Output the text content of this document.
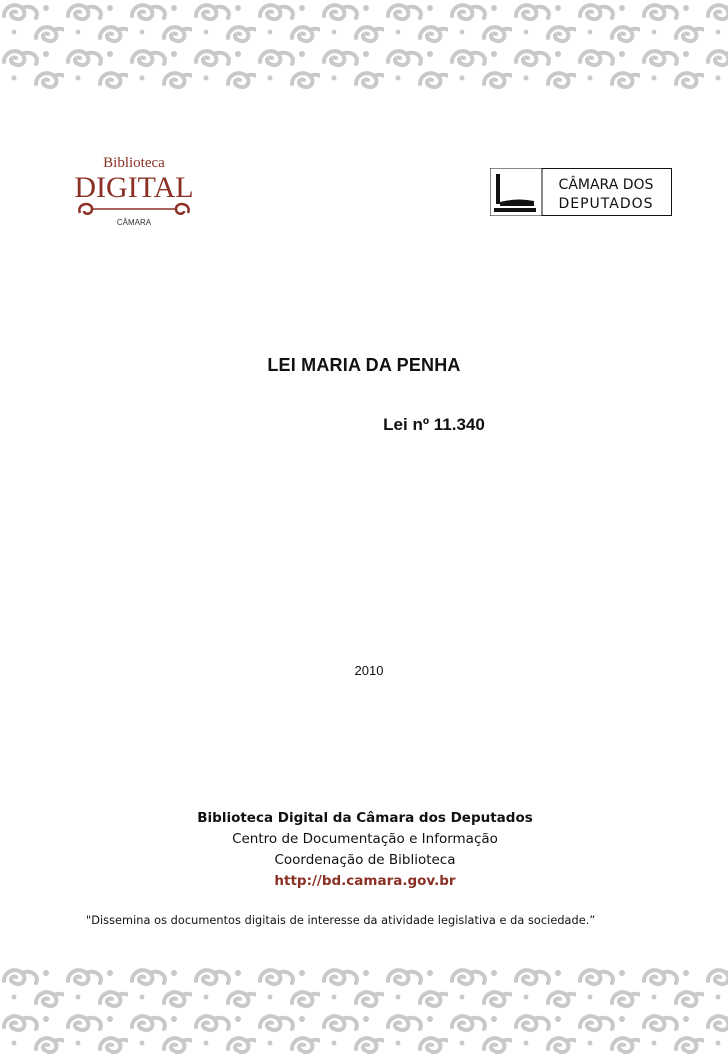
Biblioteca
DIGITAL
CÂMARA
CÂMARA DOS
DEPUTADOS
LEI MARIA DA PENHA
Lei nº 11.340
2010
Biblioteca Digital da Câmara dos Deputados
Centro de Documentação e Informação
Coordenação de Biblioteca
http://bd.camara.gov.br
"Dissemina os documentos digitais de interesse da atividade legislativa e da sociedade.”
